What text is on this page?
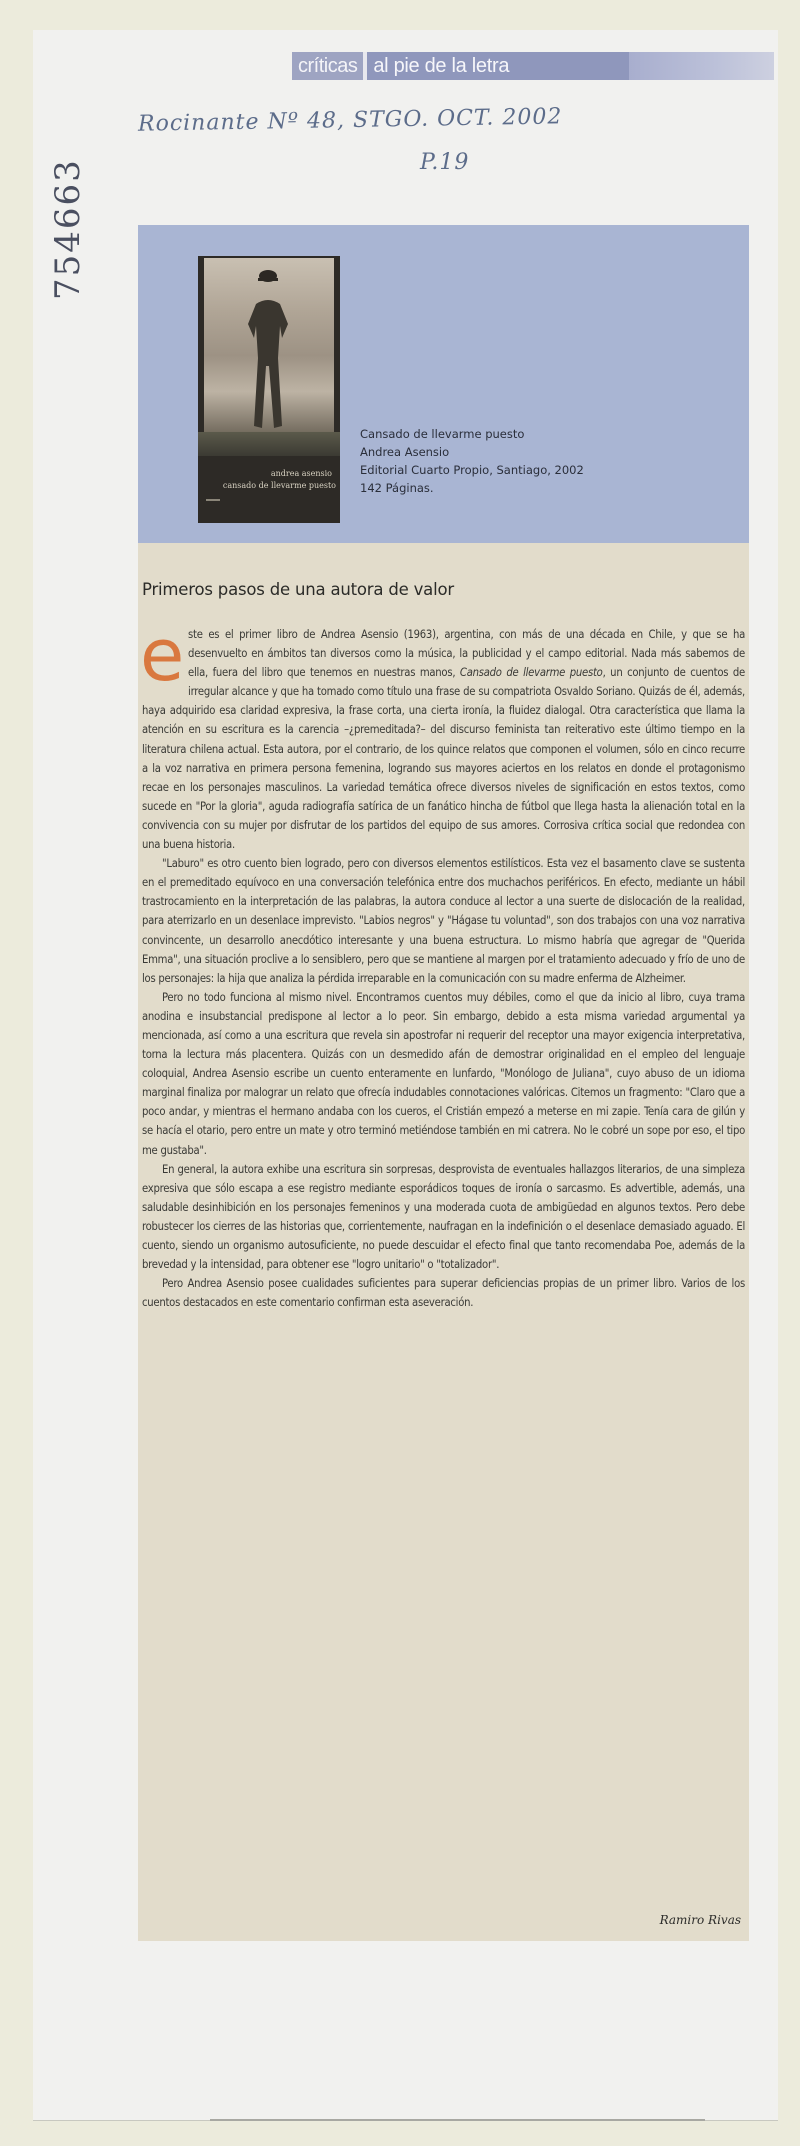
críticas al pie de la letra
Rocinante Nº 48, STGO. OCT. 2002
P.19
754663
andrea asensio
cansado de llevarme puesto
Cansado de llevarme puesto
Andrea Asensio
Editorial Cuarto Propio, Santiago, 2002
142 Páginas.
Primeros pasos de una autora de valor

este es el primer libro de Andrea Asensio (1963), argentina, con más de una década en Chile, y que se ha desenvuelto en ámbitos tan diversos como la música, la publicidad y el campo editorial. Nada más sabemos de ella, fuera del libro que tenemos en nuestras manos, Cansado de llevarme puesto, un conjunto de cuentos de irregular alcance y que ha tomado como título una frase de su compatriota Osvaldo Soriano. Quizás de él, además, haya adquirido esa claridad expresiva, la frase corta, una cierta ironía, la fluidez dialogal. Otra característica que llama la atención en su escritura es la carencia –¿premeditada?– del discurso feminista tan reiterativo este último tiempo en la literatura chilena actual. Esta autora, por el contrario, de los quince relatos que componen el volumen, sólo en cinco recurre a la voz narrativa en primera persona femenina, logrando sus mayores aciertos en los relatos en donde el protagonismo recae en los personajes masculinos. La variedad temática ofrece diversos niveles de significación en estos textos, como sucede en "Por la gloria", aguda radiografía satírica de un fanático hincha de fútbol que llega hasta la alienación total en la convivencia con su mujer por disfrutar de los partidos del equipo de sus amores. Corrosiva crítica social que redondea con una buena historia.

"Laburo" es otro cuento bien logrado, pero con diversos elementos estilísticos. Esta vez el basamento clave se sustenta en el premeditado equívoco en una conversación telefónica entre dos muchachos periféricos. En efecto, mediante un hábil trastrocamiento en la interpretación de las palabras, la autora conduce al lector a una suerte de dislocación de la realidad, para aterrizarlo en un desenlace imprevisto. "Labios negros" y "Hágase tu voluntad", son dos trabajos con una voz narrativa convincente, un desarrollo anecdótico interesante y una buena estructura. Lo mismo habría que agregar de "Querida Emma", una situación proclive a lo sensiblero, pero que se mantiene al margen por el tratamiento adecuado y frío de uno de los personajes: la hija que analiza la pérdida irreparable en la comunicación con su madre enferma de Alzheimer.

Pero no todo funciona al mismo nivel. Encontramos cuentos muy débiles, como el que da inicio al libro, cuya trama anodina e insubstancial predispone al lector a lo peor. Sin embargo, debido a esta misma variedad argumental ya mencionada, así como a una escritura que revela sin apostrofar ni requerir del receptor una mayor exigencia interpretativa, torna la lectura más placentera. Quizás con un desmedido afán de demostrar originalidad en el empleo del lenguaje coloquial, Andrea Asensio escribe un cuento enteramente en lunfardo, "Monólogo de Juliana", cuyo abuso de un idioma marginal finaliza por malograr un relato que ofrecía indudables connotaciones valóricas. Citemos un fragmento: "Claro que a poco andar, y mientras el hermano andaba con los cueros, el Cristián empezó a meterse en mi zapie. Tenía cara de gilún y se hacía el otario, pero entre un mate y otro terminó metiéndose también en mi catrera. No le cobré un sope por eso, el tipo me gustaba".

En general, la autora exhibe una escritura sin sorpresas, desprovista de eventuales hallazgos literarios, de una simpleza expresiva que sólo escapa a ese registro mediante esporádicos toques de ironía o sarcasmo. Es advertible, además, una saludable desinhibición en los personajes femeninos y una moderada cuota de ambigüedad en algunos textos. Pero debe robustecer los cierres de las historias que, corrientemente, naufragan en la indefinición o el desenlace demasiado aguado. El cuento, siendo un organismo autosuficiente, no puede descuidar el efecto final que tanto recomendaba Poe, además de la brevedad y la intensidad, para obtener ese "logro unitario" o "totalizador".

Pero Andrea Asensio posee cualidades suficientes para superar deficiencias propias de un primer libro. Varios de los cuentos destacados en este comentario confirman esta aseveración.

Ramiro Rivas
